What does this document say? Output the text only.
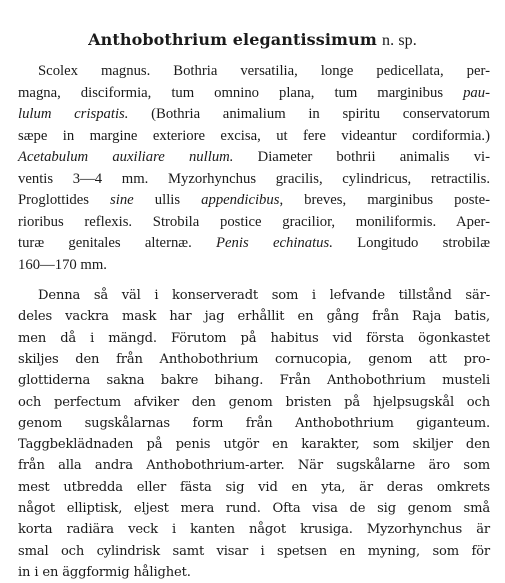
Anthobothrium elegantissimum n. sp.
Scolex magnus. Bothria versatilia, longe pedicellata, per-
magna, disciformia, tum omnino plana, tum marginibus pau-
lulum crispatis. (Bothria animalium in spiritu conservatorum
sæpe in margine exteriore excisa, ut fere videantur cordiformia.)
Acetabulum auxiliare nullum. Diameter bothrii animalis vi-
ventis 3—4 mm. Myzorhynchus gracilis, cylindricus, retractilis.
Proglottides sine ullis appendicibus, breves, marginibus poste-
rioribus reflexis. Strobila postice gracilior, moniliformis. Aper-
turæ genitales alternæ. Penis echinatus. Longitudo strobilæ
160—170 mm.
Denna så väl i konserveradt som i lefvande tillstånd sär-
deles vackra mask har jag erhållit en gång från Raja batis,
men då i mängd. Förutom på habitus vid första ögonkastet
skiljes den från Anthobothrium cornucopia, genom att pro-
glottiderna sakna bakre bihang. Från Anthobothrium musteli
och perfectum afviker den genom bristen på hjelpsugskål och
genom sugskålarnas form från Anthobothrium giganteum.
Taggbeklädnaden på penis utgör en karakter, som skiljer den
från alla andra Anthobothrium-arter. När sugskålarne äro som
mest utbredda eller fästa sig vid en yta, är deras omkrets
något elliptisk, eljest mera rund. Ofta visa de sig genom små
korta radiära veck i kanten något krusiga. Myzorhynchus är
smal och cylindrisk samt visar i spetsen en myning, som för
in i en äggformig hålighet.
